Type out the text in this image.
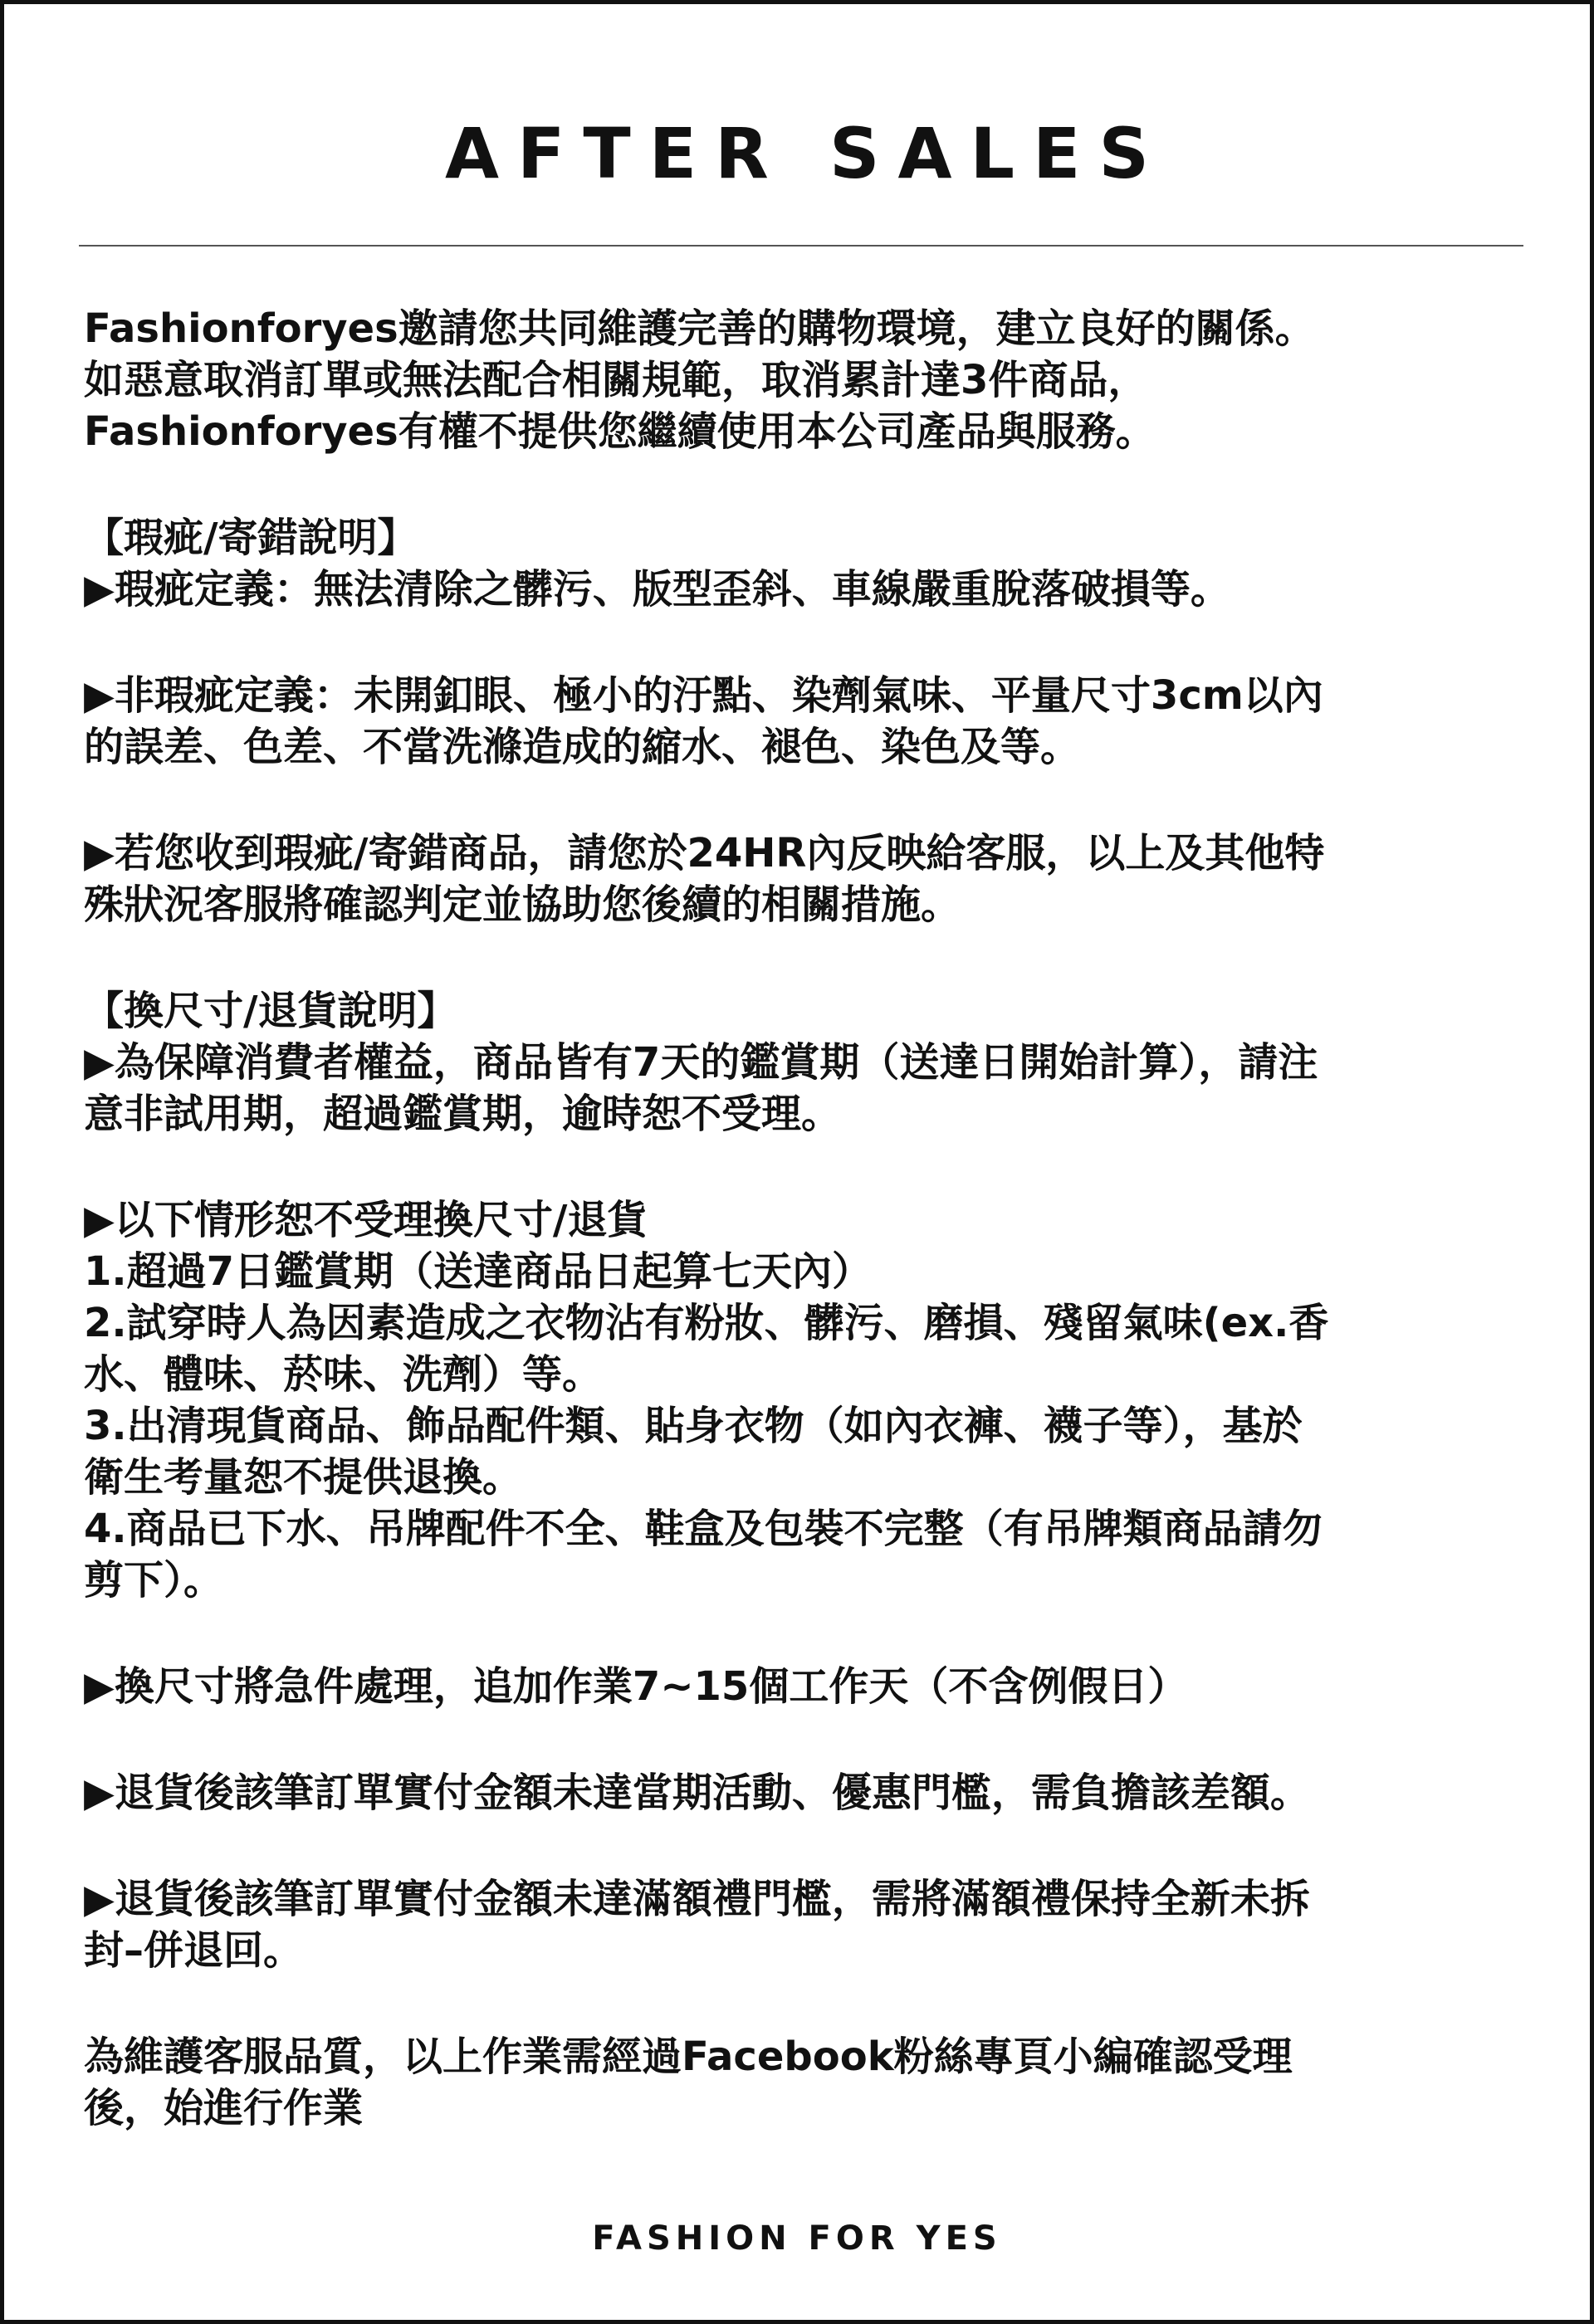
AFTER SALES

Fashionforyes邀請您共同維護完善的購物環境，建立良好的關係。

如惡意取消訂單或無法配合相關規範，取消累計達3件商品，

Fashionforyes有權不提供您繼續使用本公司產品與服務。

【瑕疵/寄錯說明】

▶瑕疵定義：無法清除之髒污、版型歪斜、車線嚴重脫落破損等。

▶非瑕疵定義：未開釦眼、極小的汙點、染劑氣味、平量尺寸3cm以內

的誤差、色差、不當洗滌造成的縮水、褪色、染色及等。

▶若您收到瑕疵/寄錯商品，請您於24HR內反映給客服，以上及其他特

殊狀況客服將確認判定並協助您後續的相關措施。

【換尺寸/退貨說明】

▶為保障消費者權益，商品皆有7天的鑑賞期（送達日開始計算），請注

意非試用期，超過鑑賞期，逾時恕不受理。

▶以下情形恕不受理換尺寸/退貨

1.超過7日鑑賞期（送達商品日起算七天內）

2.試穿時人為因素造成之衣物沾有粉妝、髒污、磨損、殘留氣味(ex.香

水、體味、菸味、洗劑）等。

3.出清現貨商品、飾品配件類、貼身衣物（如內衣褲、襪子等），基於

衛生考量恕不提供退換。

4.商品已下水、吊牌配件不全、鞋盒及包裝不完整（有吊牌類商品請勿

剪下）。

▶換尺寸將急件處理，追加作業7~15個工作天（不含例假日）

▶退貨後該筆訂單實付金額未達當期活動、優惠門檻，需負擔該差額。

▶退貨後該筆訂單實付金額未達滿額禮門檻，需將滿額禮保持全新未拆

封–併退回。

為維護客服品質，以上作業需經過Facebook粉絲專頁小編確認受理

後，始進行作業

FASHION FOR YES
